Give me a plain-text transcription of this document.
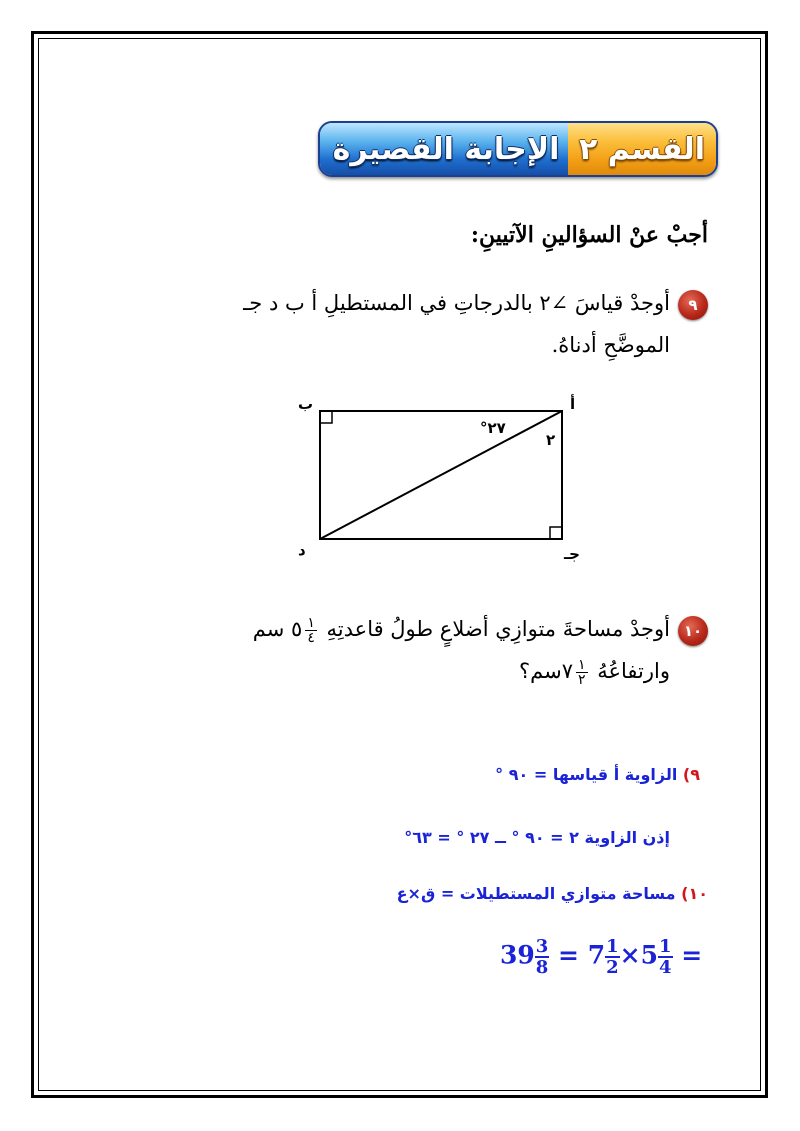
الإجابة القصيرة القسم ٢
أجبْ عنْ السؤالينِ الآتيينِ:
٩أوجدْ قياسَ ∠٢ بالدرجاتِ في المستطيلِ أ ب د جـ
الموضَّحِ أدناهُ.
أ
ب
د	جـ
٢٧°
٢
١٠أوجدْ مساحةَ متوازِي أضلاعٍ طولُ قاعدتِهِ
$\frac{١}{٤}$
٥ سم
وارتفاعُهُ
$\frac{١}{٢}$
٧سم؟
٩) الزاوية أ قياسها = ٩٠ °
إذن الزاوية ٢ = ٩٠ ° ــ ٢٧ ° = ٦٣°
١٠) مساحة متوازي المستطيلات = ق×ع
$39 \frac{3}{8} = 7 \frac{1}{2} \times 5 \frac{1}{4}$ =
